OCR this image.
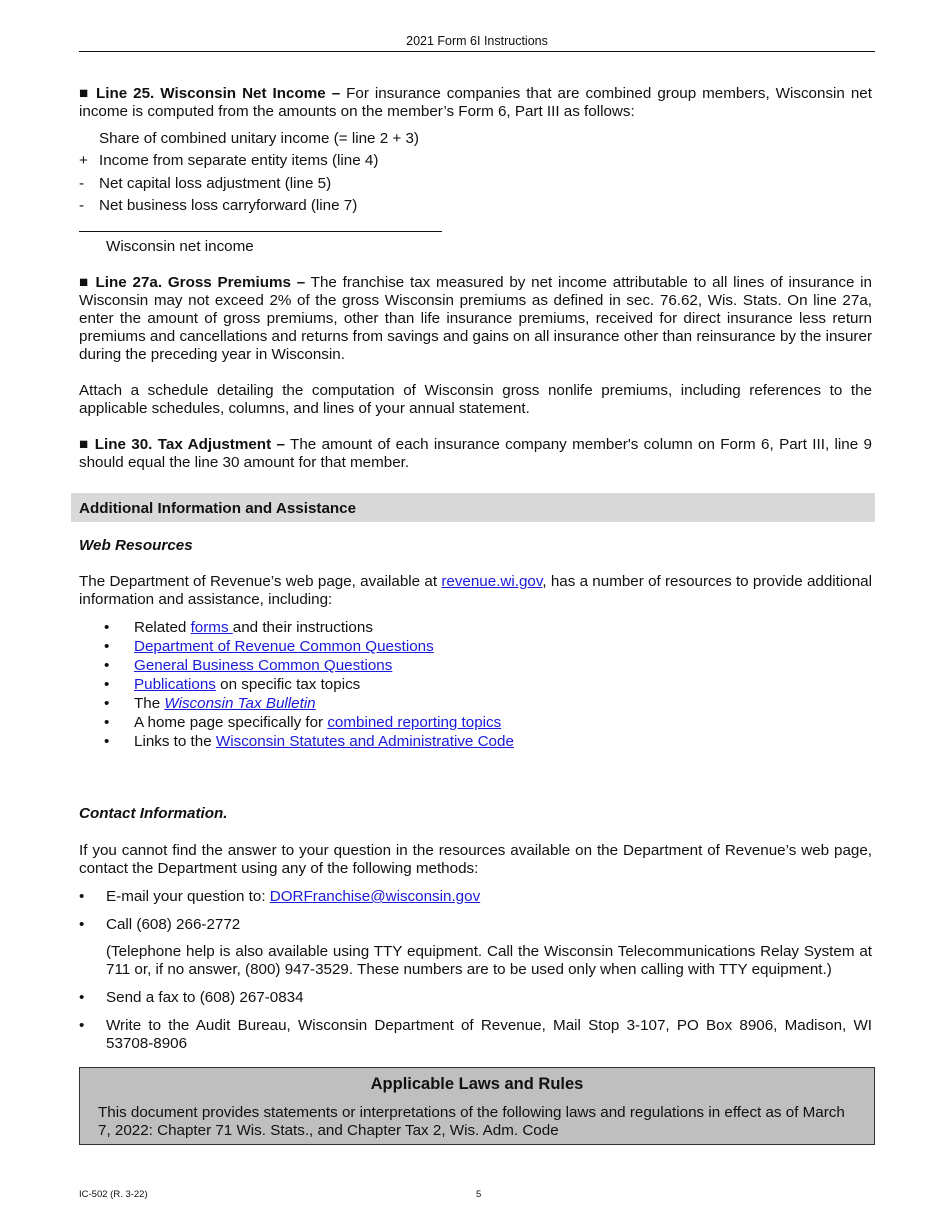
2021 Form 6I Instructions
■ Line 25. Wisconsin Net Income – For insurance companies that are combined group members, Wisconsin net income is computed from the amounts on the member’s Form 6, Part III as follows:
Share of combined unitary income (= line 2 + 3)
+ Income from separate entity items (line 4)
- Net capital loss adjustment (line 5)
- Net business loss carryforward (line 7)
Wisconsin net income
■ Line 27a. Gross Premiums – The franchise tax measured by net income attributable to all lines of insurance in Wisconsin may not exceed 2% of the gross Wisconsin premiums as defined in sec. 76.62, Wis. Stats. On line 27a, enter the amount of gross premiums, other than life insurance premiums, received for direct insurance less return premiums and cancellations and returns from savings and gains on all insurance other than reinsurance by the insurer during the preceding year in Wisconsin.
Attach a schedule detailing the computation of Wisconsin gross nonlife premiums, including references to the applicable schedules, columns, and lines of your annual statement.
■ Line 30. Tax Adjustment – The amount of each insurance company member's column on Form 6, Part III, line 9 should equal the line 30 amount for that member.
Additional Information and Assistance
Web Resources
The Department of Revenue’s web page, available at revenue.wi.gov, has a number of resources to provide additional information and assistance, including:
• Related forms and their instructions
• Department of Revenue Common Questions
• General Business Common Questions
• Publications on specific tax topics
• The Wisconsin Tax Bulletin
• A home page specifically for combined reporting topics
• Links to the Wisconsin Statutes and Administrative Code
Contact Information.
If you cannot find the answer to your question in the resources available on the Department of Revenue’s web page, contact the Department using any of the following methods:
• E-mail your question to: DORFranchise@wisconsin.gov
• Call (608) 266-2772
(Telephone help is also available using TTY equipment. Call the Wisconsin Telecommunications Relay System at 711 or, if no answer, (800) 947-3529. These numbers are to be used only when calling with TTY equipment.)
• Send a fax to (608) 267-0834
• Write to the Audit Bureau, Wisconsin Department of Revenue, Mail Stop 3-107, PO Box 8906, Madison, WI 53708-8906
Applicable Laws and Rules
This document provides statements or interpretations of the following laws and regulations in effect as of March 7, 2022: Chapter 71 Wis. Stats., and Chapter Tax 2, Wis. Adm. Code
IC-502 (R. 3-22)	5
